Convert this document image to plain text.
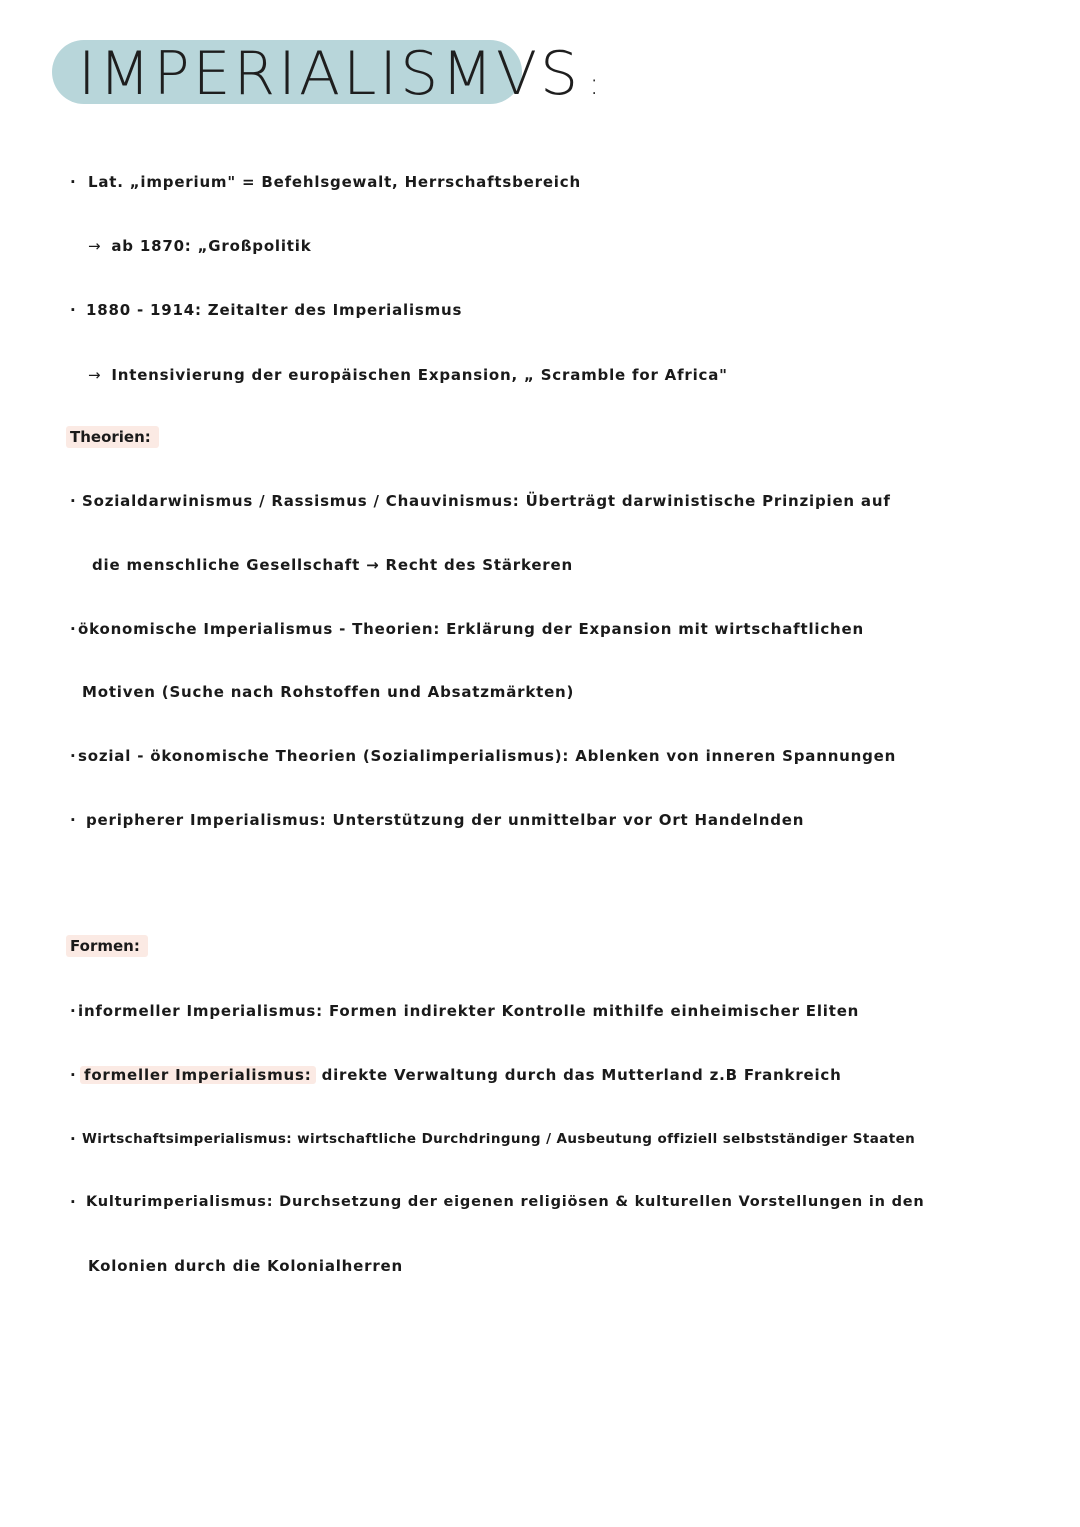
IMPERIALISMVS :
· Lat. „imperium" = Befehlsgewalt, Herrschaftsbereich
→ ab 1870: „Großpolitik
· 1880 - 1914: Zeitalter des Imperialismus
→ Intensivierung der europäischen Expansion, „ Scramble for Africa"
Theorien:
· Sozialdarwinismus / Rassismus / Chauvinismus: Überträgt darwinistische Prinzipien auf
die menschliche Gesellschaft → Recht des Stärkeren
· ökonomische Imperialismus - Theorien: Erklärung der Expansion mit wirtschaftlichen
Motiven (Suche nach Rohstoffen und Absatzmärkten)
· sozial - ökonomische Theorien (Sozialimperialismus): Ablenken von inneren Spannungen
· peripherer Imperialismus: Unterstützung der unmittelbar vor Ort Handelnden
Formen:
· informeller Imperialismus: Formen indirekter Kontrolle mithilfe einheimischer Eliten
· formeller Imperialismus: direkte Verwaltung durch das Mutterland z.B Frankreich
· Wirtschaftsimperialismus: wirtschaftliche Durchdringung / Ausbeutung offiziell selbstständiger Staaten
· Kulturimperialismus: Durchsetzung der eigenen religiösen & kulturellen Vorstellungen in den
Kolonien durch die Kolonialherren
